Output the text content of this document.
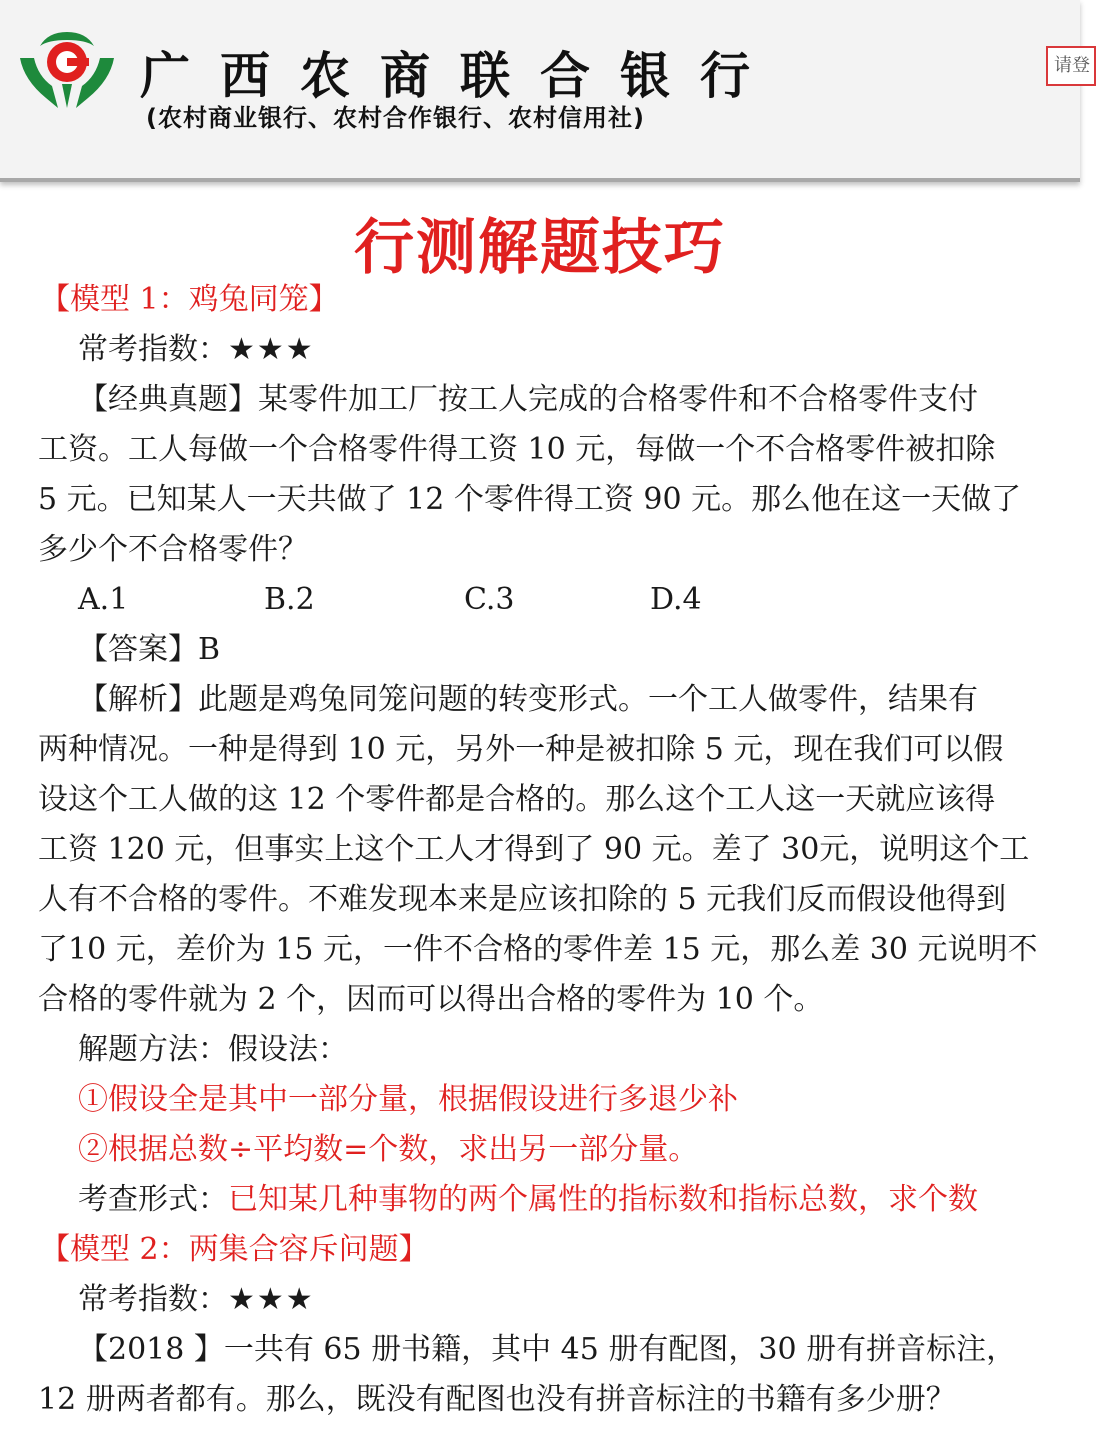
广西农商联合银行
(农村商业银行、农村合作银行、农村信用社)
请登
行测解题技巧
【模型 1：鸡兔同笼】
常考指数：★★★
【经典真题】某零件加工厂按工人完成的合格零件和不合格零件支付
工资。工人每做一个合格零件得工资 10 元，每做一个不合格零件被扣除
5 元。已知某人一天共做了 12 个零件得工资 90 元。那么他在这一天做了
多少个不合格零件？
A.1	B.2	C.3	D.4
【答案】B
【解析】此题是鸡兔同笼问题的转变形式。一个工人做零件，结果有
两种情况。一种是得到 10 元，另外一种是被扣除 5 元，现在我们可以假
设这个工人做的这 12 个零件都是合格的。那么这个工人这一天就应该得
工资 120 元，但事实上这个工人才得到了 90 元。差了 30元，说明这个工
人有不合格的零件。不难发现本来是应该扣除的 5 元我们反而假设他得到
了10 元，差价为 15 元，一件不合格的零件差 15 元，那么差 30 元说明不
合格的零件就为 2 个，因而可以得出合格的零件为 10 个。
解题方法：假设法：
①假设全是其中一部分量，根据假设进行多退少补
②根据总数÷平均数=个数，求出另一部分量。
考查形式：已知某几种事物的两个属性的指标数和指标总数，求个数
【模型 2：两集合容斥问题】
常考指数：★★★
【2018 】一共有 65 册书籍，其中 45 册有配图，30 册有拼音标注，
12 册两者都有。那么，既没有配图也没有拼音标注的书籍有多少册？
